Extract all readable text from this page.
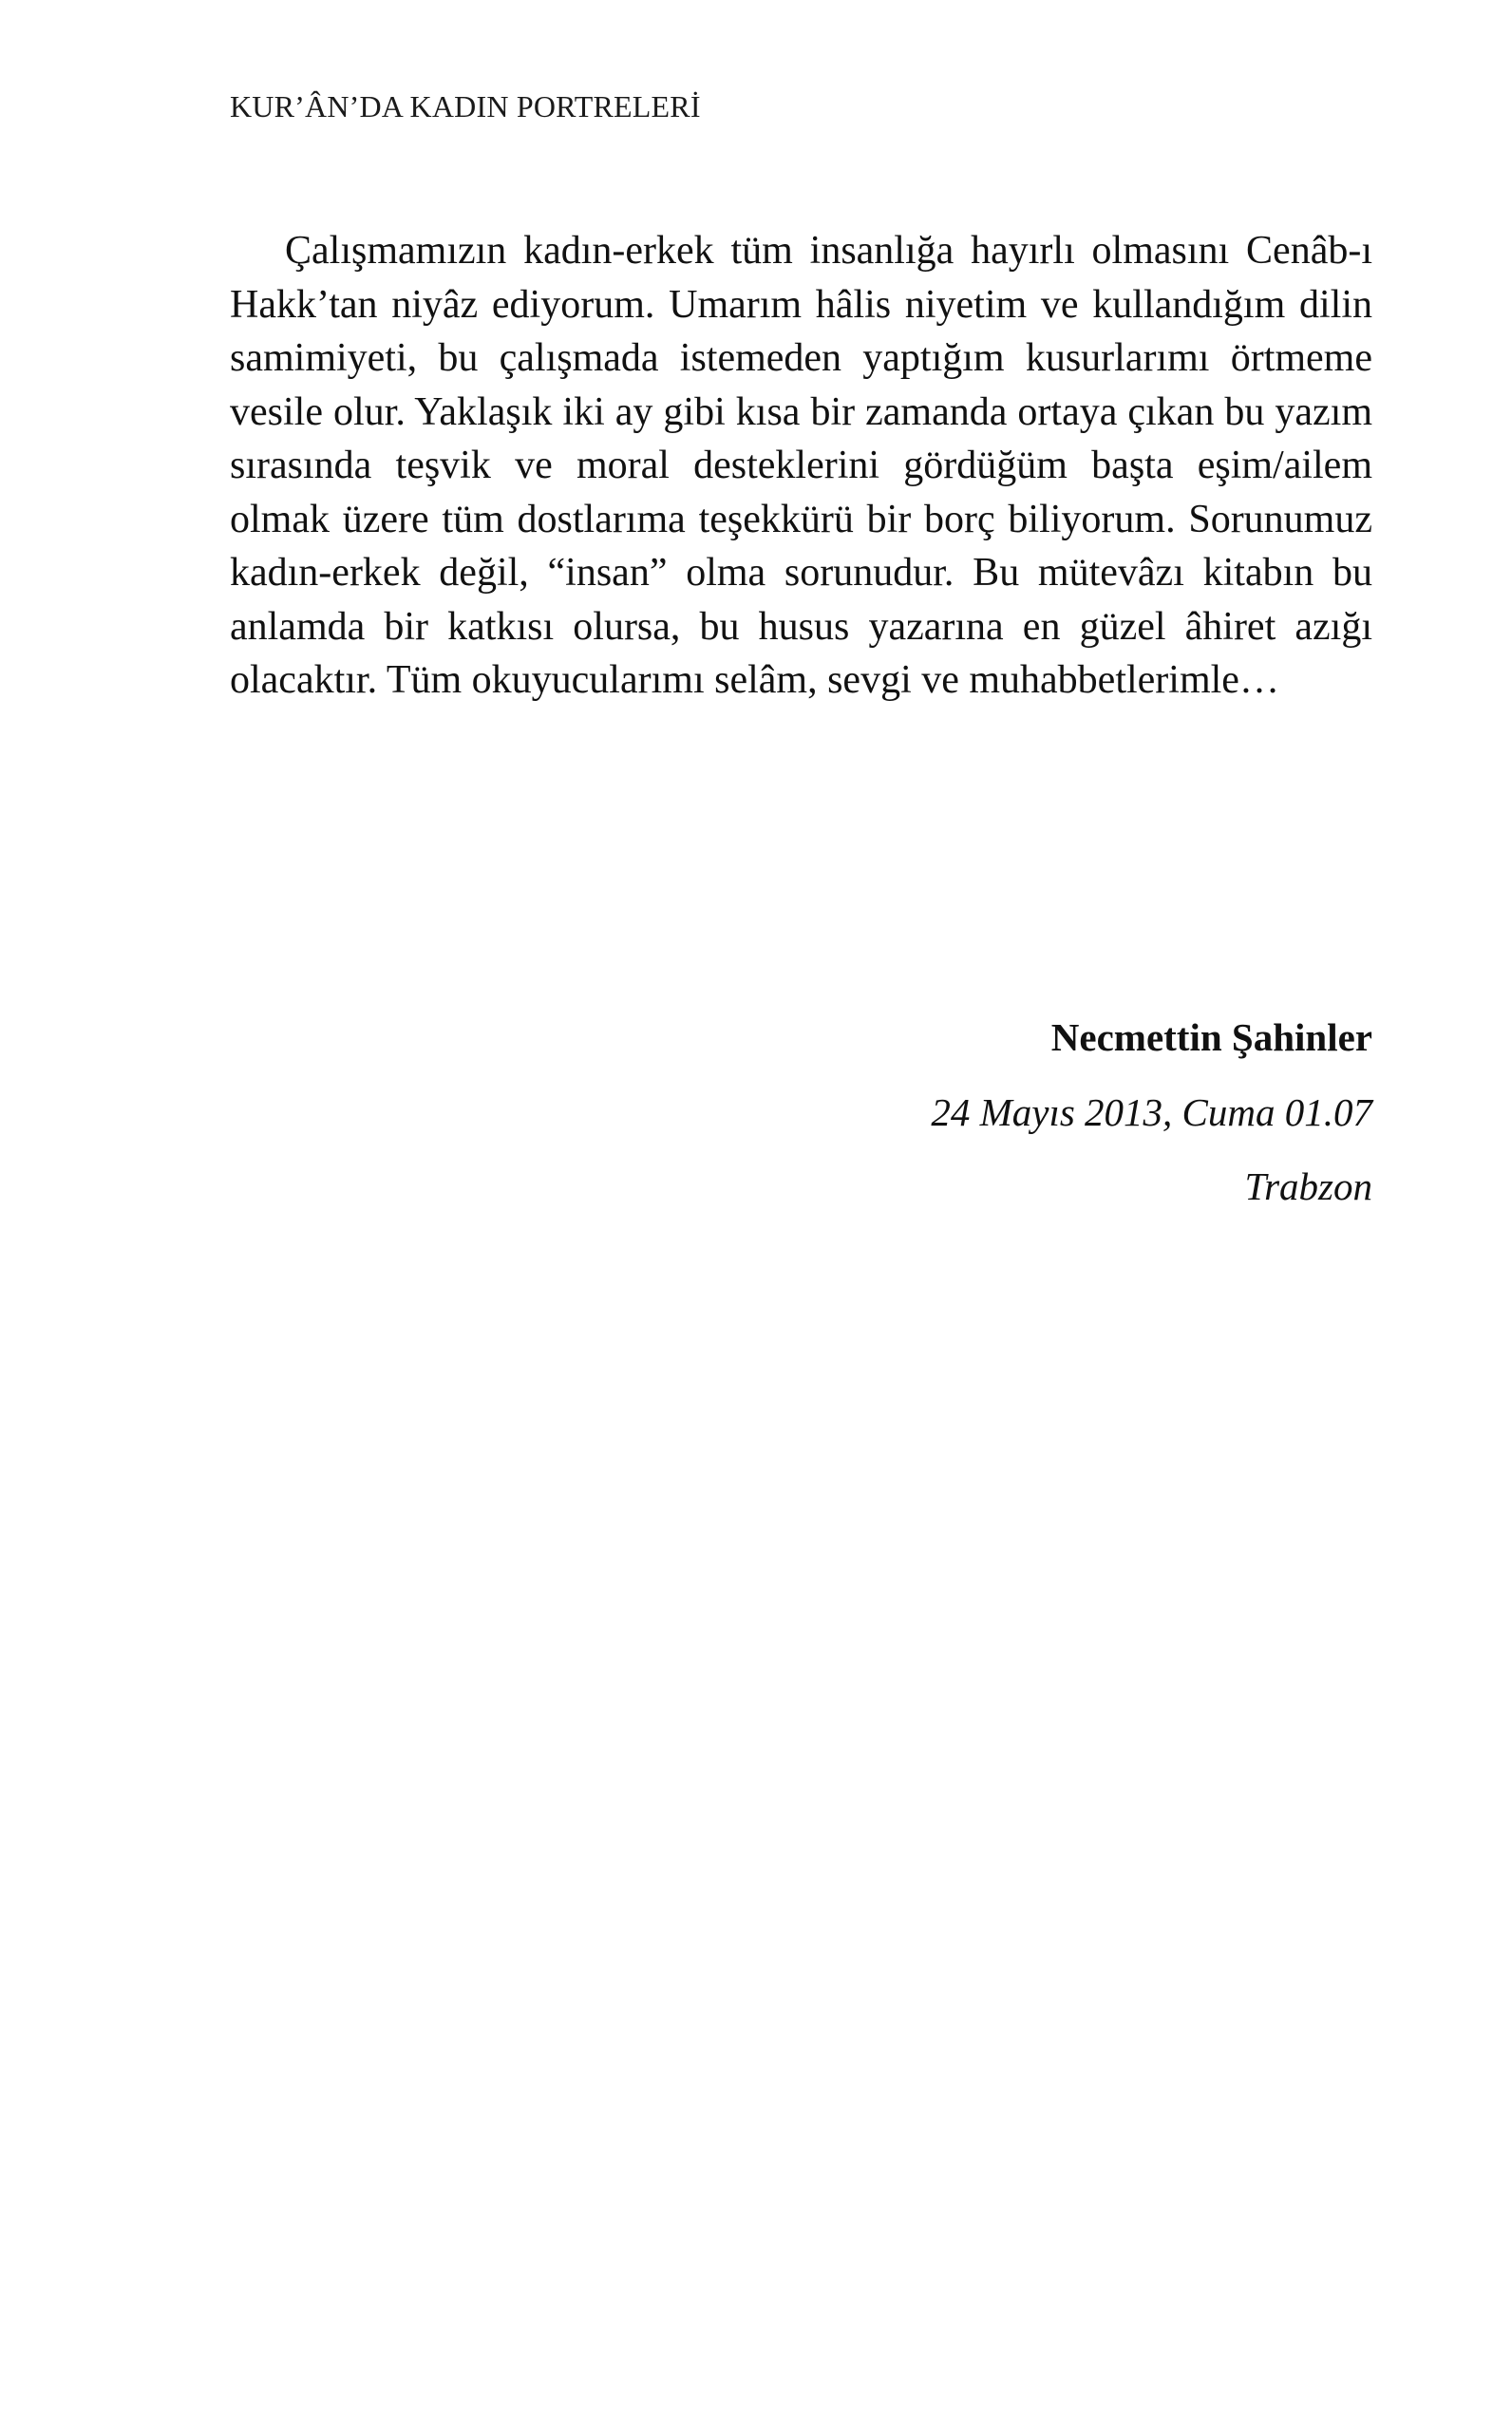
KUR’ÂN’DA KADIN PORTRELERİ

Çalışmamızın kadın-erkek tüm insanlığa hayırlı olmasını Cenâb-ı Hakk’tan niyâz ediyorum. Umarım hâlis niyetim ve kullandığım dilin samimiyeti, bu çalışmada istemeden yaptığım kusurlarımı örtmeme vesile olur. Yaklaşık iki ay gibi kısa bir zamanda ortaya çıkan bu yazım sırasında teşvik ve moral desteklerini gördüğüm başta eşim/ailem olmak üzere tüm dostlarıma teşekkürü bir borç biliyorum. Sorunumuz kadın-erkek değil, “insan” olma sorunudur. Bu mütevâzı kitabın bu anlamda bir katkısı olursa, bu husus yazarına en güzel âhiret azığı olacaktır. Tüm okuyucularımı selâm, sevgi ve muhabbetlerimle…

Necmettin Şahinler
24 Mayıs 2013, Cuma 01.07
Trabzon
